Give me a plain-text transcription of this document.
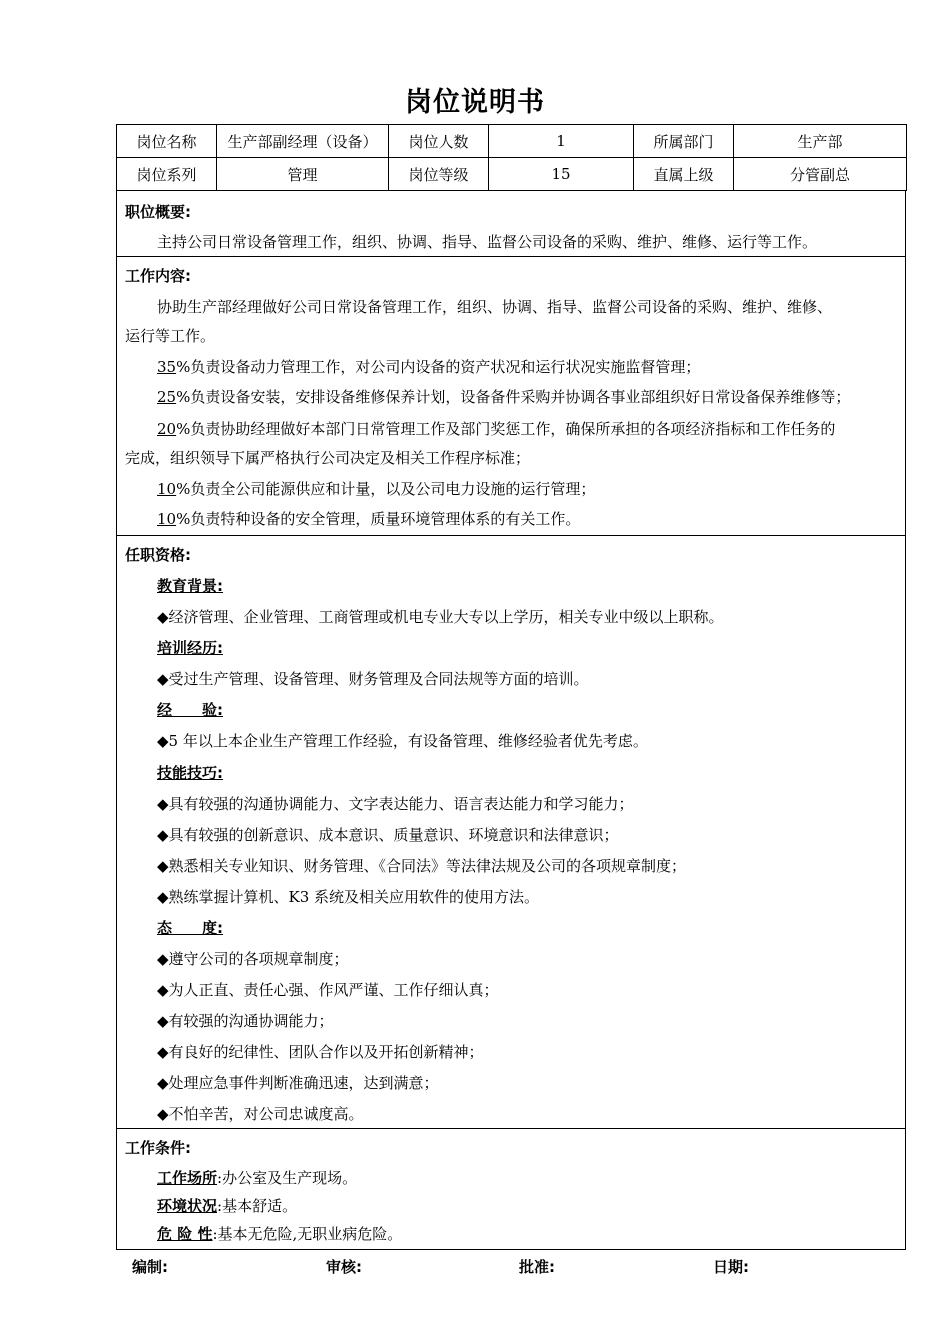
岗位说明书
岗位名称	生产部副经理（设备）	岗位人数	1	所属部门	生产部
岗位系列	管理	岗位等级	15	直属上级	分管副总
职位概要:
主持公司日常设备管理工作，组织、协调、指导、监督公司设备的采购、维护、维修、运行等工作。
工作内容:
协助生产部经理做好公司日常设备管理工作，组织、协调、指导、监督公司设备的采购、维护、维修、
运行等工作。
35%负责设备动力管理工作，对公司内设备的资产状况和运行状况实施监督管理；
25%负责设备安装，安排设备维修保养计划，设备备件采购并协调各事业部组织好日常设备保养维修等；
20%负责协助经理做好本部门日常管理工作及部门奖惩工作，确保所承担的各项经济指标和工作任务的
完成，组织领导下属严格执行公司决定及相关工作程序标准；
10%负责全公司能源供应和计量，以及公司电力设施的运行管理；
10%负责特种设备的安全管理，质量环境管理体系的有关工作。
任职资格:
教育背景:
◆经济管理、企业管理、工商管理或机电专业大专以上学历，相关专业中级以上职称。
培训经历:
◆受过生产管理、设备管理、财务管理及合同法规等方面的培训。
经　　验:
◆5 年以上本企业生产管理工作经验，有设备管理、维修经验者优先考虑。
技能技巧:
◆具有较强的沟通协调能力、文字表达能力、语言表达能力和学习能力；
◆具有较强的创新意识、成本意识、质量意识、环境意识和法律意识；
◆熟悉相关专业知识、财务管理、《合同法》等法律法规及公司的各项规章制度；
◆熟练掌握计算机、K3 系统及相关应用软件的使用方法。
态　　度:
◆遵守公司的各项规章制度；
◆为人正直、责任心强、作风严谨、工作仔细认真；
◆有较强的沟通协调能力；
◆有良好的纪律性、团队合作以及开拓创新精神；
◆处理应急事件判断准确迅速，达到满意；
◆不怕辛苦，对公司忠诚度高。
工作条件:
工作场所:办公室及生产现场。
环境状况:基本舒适。
危 险 性:基本无危险,无职业病危险。
编制:	审核:	批准:	日期:
